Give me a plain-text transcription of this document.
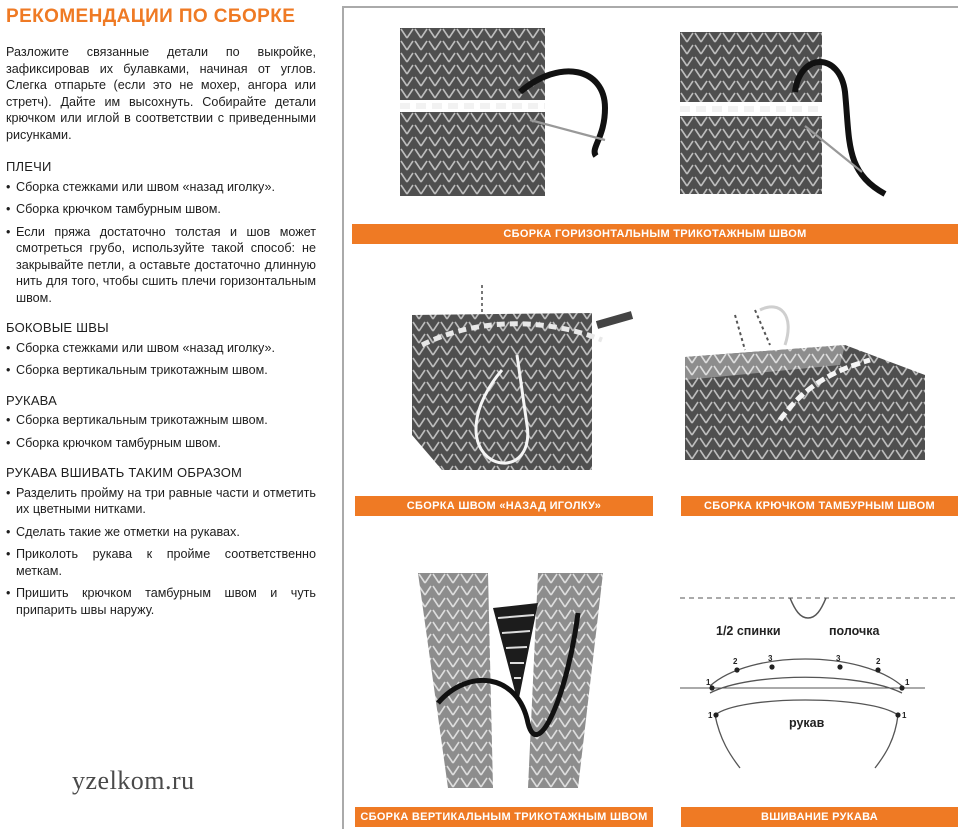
РЕКОМЕНДАЦИИ ПО СБОРКЕ

Разложите связанные детали по выкройке, зафиксировав их булавками, начиная от углов. Слегка отпарьте (если это не мохер, ангора или стретч). Дайте им высохнуть. Собирайте детали крючком или иглой в соответствии с приведенными рисунками.

ПЛЕЧИ
• Сборка стежками или швом «назад иголку».
• Сборка крючком тамбурным швом.
• Если пряжа достаточно толстая и шов может смотреться грубо, используйте такой способ: не закрывайте петли, а оставьте достаточно длинную нить для того, чтобы сшить плечи горизонтальным швом.
БОКОВЫЕ ШВЫ
• Сборка стежками или швом «назад иголку».
• Сборка вертикальным трикотажным швом.
РУКАВА
• Сборка вертикальным трикотажным швом.
• Сборка крючком тамбурным швом.
РУКАВА ВШИВАТЬ ТАКИМ ОБРАЗОМ
• Разделить пройму на три равные части и отметить их цветными нитками.
• Сделать такие же отметки на рукавах.
• Приколоть рукава к пройме соответственно меткам.
• Пришить крючком тамбурным швом и чуть припарить швы наружу.
yzelkom.ru
СБОРКА ГОРИЗОНТАЛЬНЫМ ТРИКОТАЖНЫМ ШВОМ
СБОРКА ШВОМ «НАЗАД ИГОЛКУ»	СБОРКА КРЮЧКОМ ТАМБУРНЫМ ШВОМ
1
2	3	3	2
1
1	1
1/2 спинки	полочка
рукав
СБОРКА ВЕРТИКАЛЬНЫМ ТРИКОТАЖНЫМ ШВОМ	ВШИВАНИЕ РУКАВА
